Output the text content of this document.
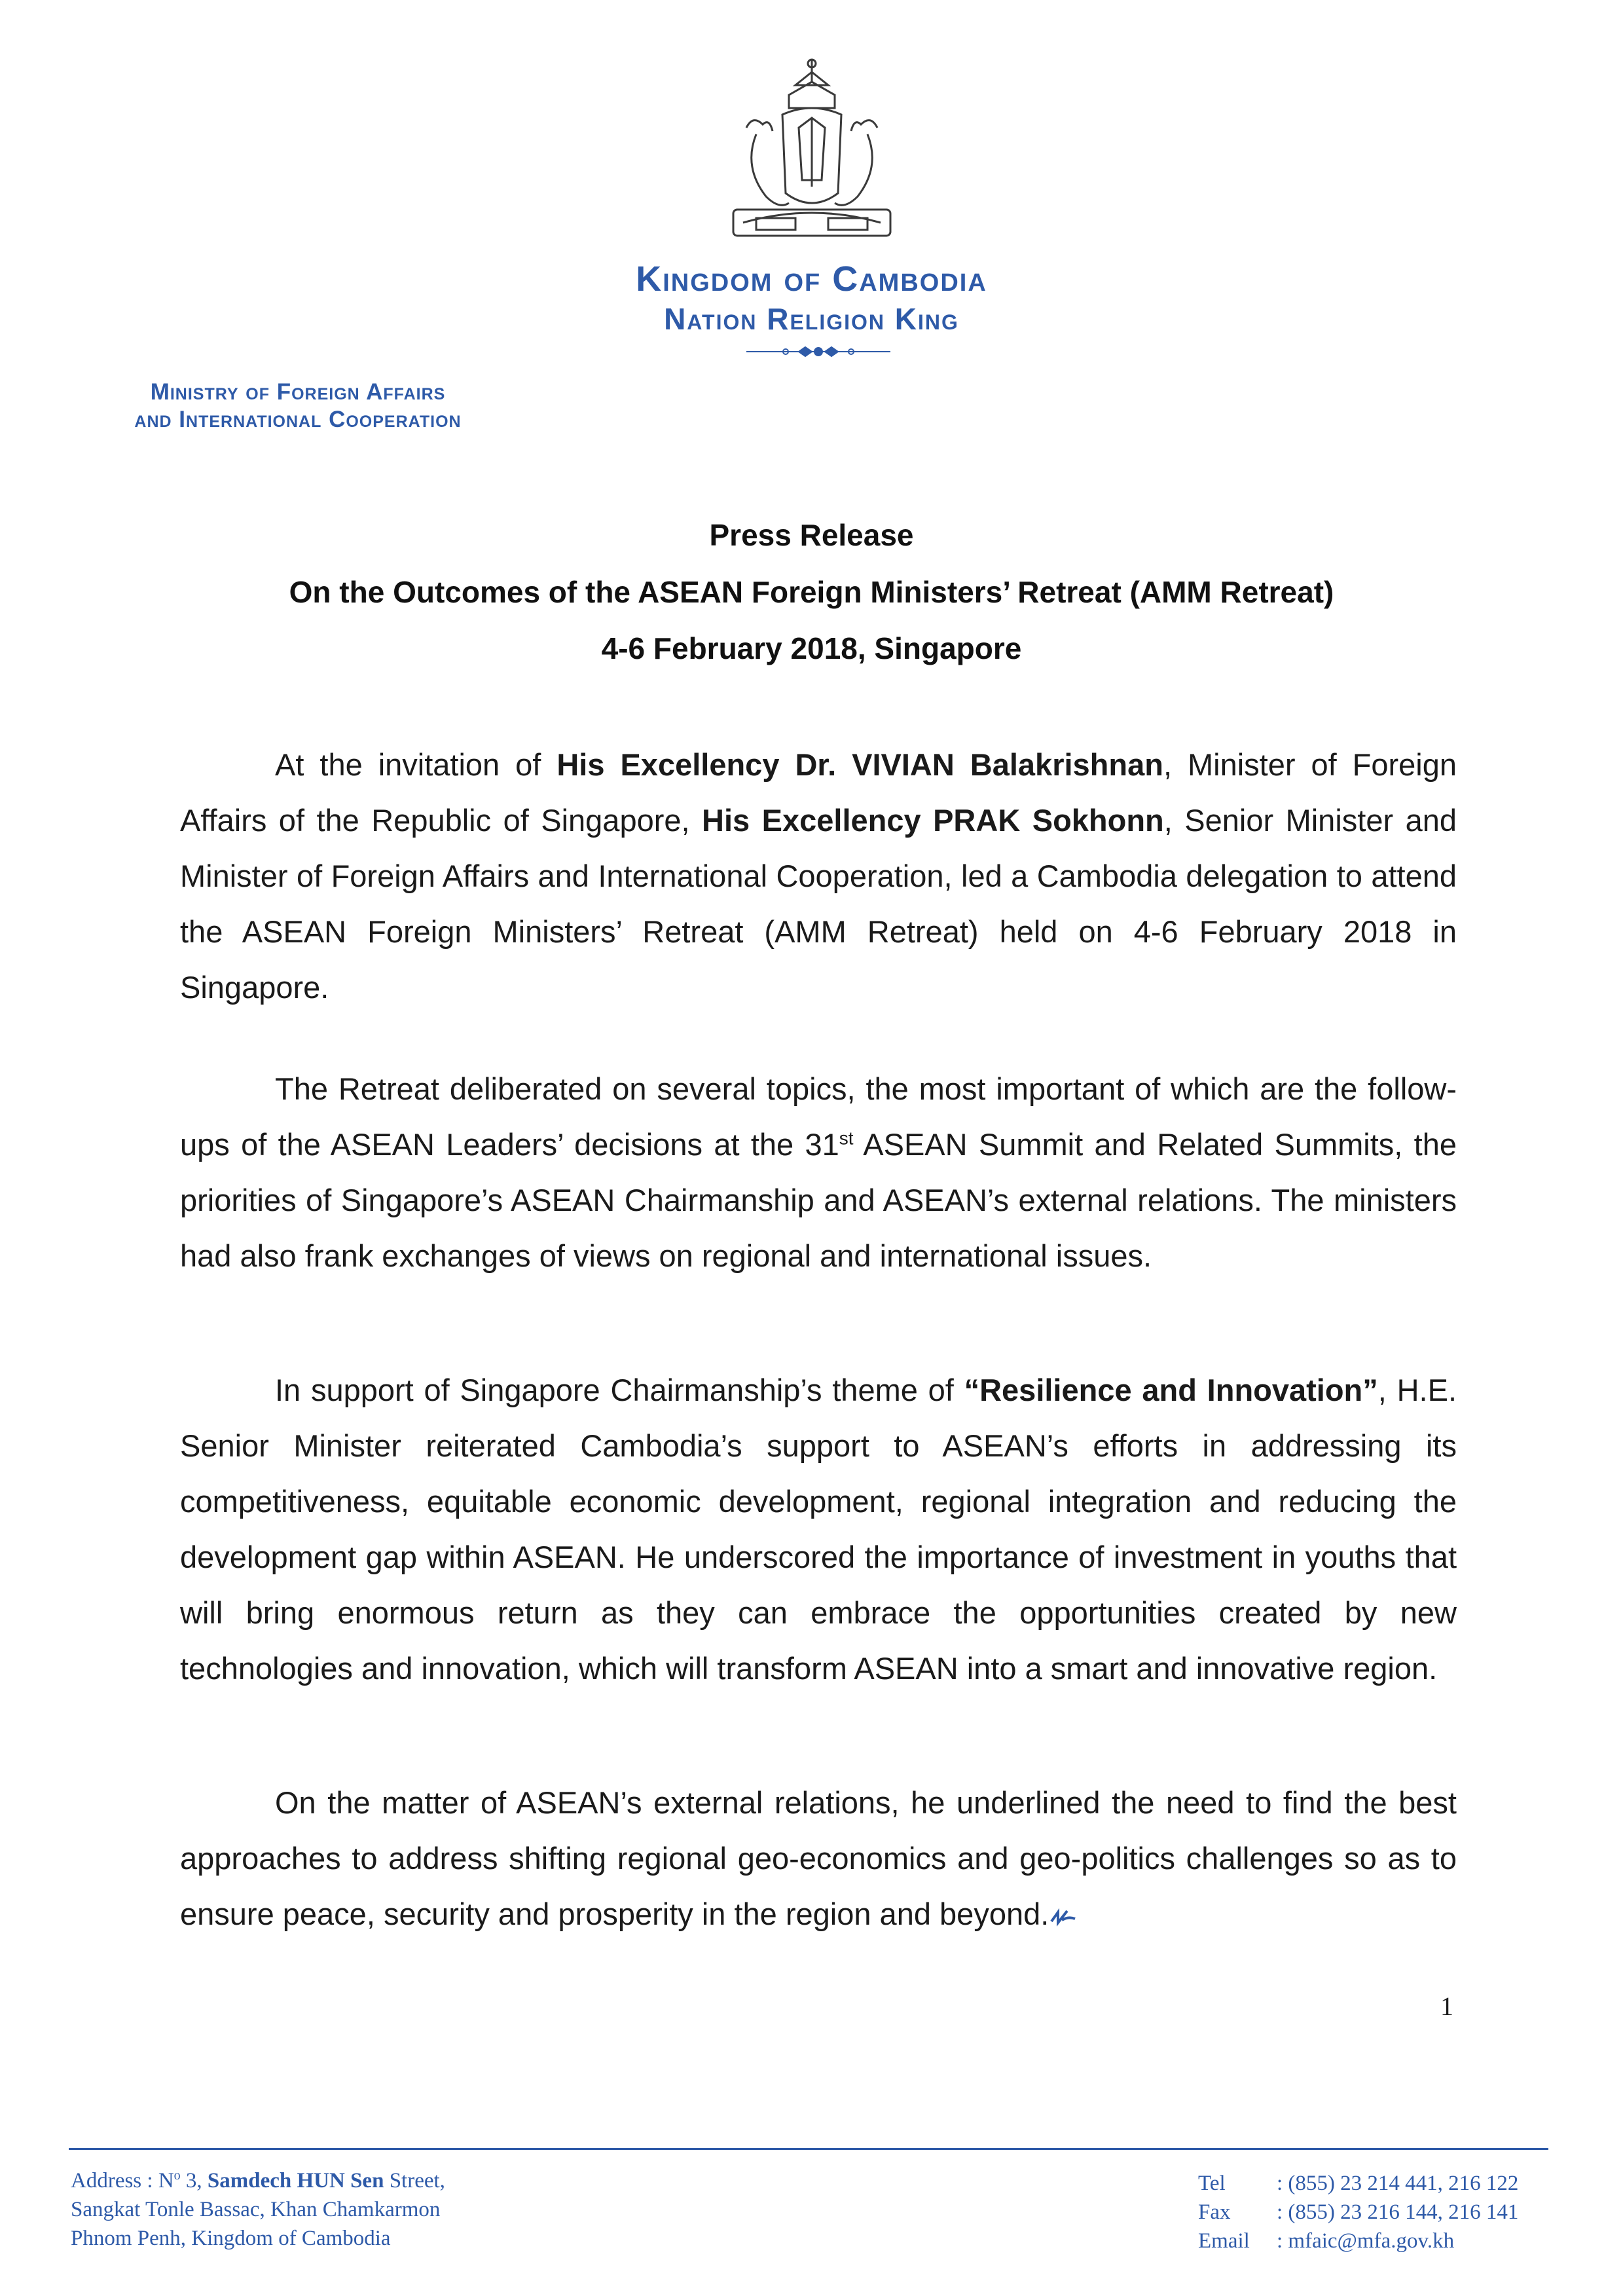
Kingdom of Cambodia
Nation Religion King
Ministry of Foreign Affairs
and International Cooperation
Press Release
On the Outcomes of the ASEAN Foreign Ministers’ Retreat (AMM Retreat)
4-6 February 2018, Singapore
At the invitation of His Excellency Dr. VIVIAN Balakrishnan, Minister of Foreign Affairs of the Republic of Singapore, His Excellency PRAK Sokhonn, Senior Minister and Minister of Foreign Affairs and International Cooperation, led a Cambodia delegation to attend the ASEAN Foreign Ministers’ Retreat (AMM Retreat) held on 4-6 February 2018 in Singapore.
The Retreat deliberated on several topics, the most important of which are the follow-ups of the ASEAN Leaders’ decisions at the 31st ASEAN Summit and Related Summits, the priorities of Singapore’s ASEAN Chairmanship and ASEAN’s external relations. The ministers had also frank exchanges of views on regional and international issues.
In support of Singapore Chairmanship’s theme of “Resilience and Innovation”, H.E. Senior Minister reiterated Cambodia’s support to ASEAN’s efforts in addressing its competitiveness, equitable economic development, regional integration and reducing the development gap within ASEAN. He underscored the importance of investment in youths that will bring enormous return as they can embrace the opportunities created by new technologies and innovation, which will transform ASEAN into a smart and innovative region.
On the matter of ASEAN’s external relations, he underlined the need to find the best approaches to address shifting regional geo-economics and geo-politics challenges so as to ensure peace, security and prosperity in the region and beyond.
1
Address : $N^o$ 3, Samdech HUN Sen Street,
Sangkat Tonle Bassac, Khan Chamkarmon
Phnom Penh, Kingdom of Cambodia
Tel	: (855) 23 214 441, 216 122
Fax	: (855) 23 216 144, 216 141
Email	: mfaic@mfa.gov.kh
